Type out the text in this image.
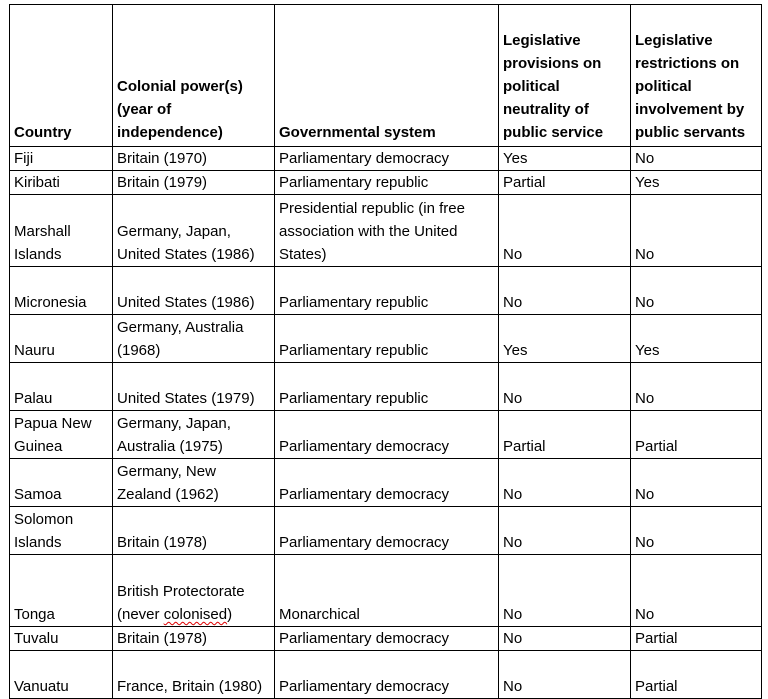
Country	Colonial power(s) (year of independence)	Governmental system	Legislative provisions on political neutrality of public service	Legislative restrictions on political involvement by public servants
Fiji	Britain (1970)	Parliamentary democracy	Yes	No
Kiribati	Britain (1979)	Parliamentary republic	Partial	Yes
Marshall Islands	Germany, Japan, United States (1986)	Presidential republic (in free association with the United States)	No	No
Micronesia	United States (1986)	Parliamentary republic	No	No
Nauru	Germany, Australia (1968)	Parliamentary republic	Yes	Yes
Palau	United States (1979)	Parliamentary republic	No	No
Papua New Guinea	Germany, Japan, Australia (1975)	Parliamentary democracy	Partial	Partial
Samoa	Germany, New Zealand (1962)	Parliamentary democracy	No	No
Solomon Islands	Britain (1978)	Parliamentary democracy	No	No
Tonga	British Protectorate (never colonised)	Monarchical	No	No
Tuvalu	Britain (1978)	Parliamentary democracy	No	Partial
Vanuatu	France, Britain (1980)	Parliamentary democracy	No	Partial
